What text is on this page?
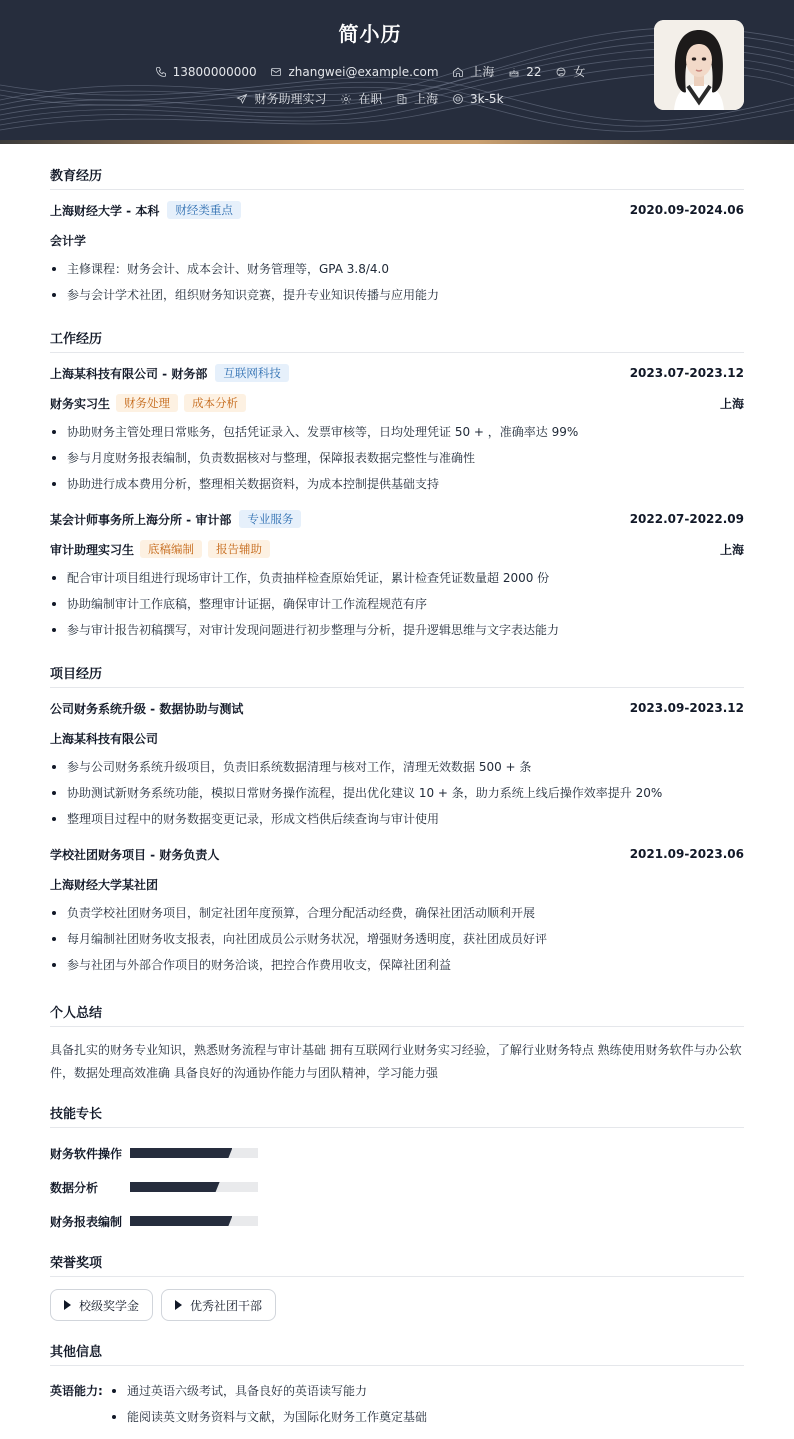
简小历
13800000000
	zhangwei@example.com
	上海
	22
	女
财务助理实习
	在职
	上海
	3k-5k
教育经历
上海财经大学 - 本科	财经类重点	2020.09-2024.06
会计学
主修课程：财务会计、成本会计、财务管理等，GPA 3.8/4.0
参与会计学术社团，组织财务知识竞赛，提升专业知识传播与应用能力
工作经历
上海某科技有限公司 - 财务部	互联网科技	2023.07-2023.12
财务实习生	财务处理	成本分析	上海
协助财务主管处理日常账务，包括凭证录入、发票审核等，日均处理凭证 50 + ，准确率达 99%
参与月度财务报表编制，负责数据核对与整理，保障报表数据完整性与准确性
协助进行成本费用分析，整理相关数据资料，为成本控制提供基础支持
某会计师事务所上海分所 - 审计部	专业服务	2022.07-2022.09
审计助理实习生	底稿编制	报告辅助	上海
配合审计项目组进行现场审计工作，负责抽样检查原始凭证，累计检查凭证数量超 2000 份
协助编制审计工作底稿，整理审计证据，确保审计工作流程规范有序
参与审计报告初稿撰写，对审计发现问题进行初步整理与分析，提升逻辑思维与文字表达能力
项目经历
公司财务系统升级 - 数据协助与测试	2023.09-2023.12
上海某科技有限公司
参与公司财务系统升级项目，负责旧系统数据清理与核对工作，清理无效数据 500 + 条
协助测试新财务系统功能，模拟日常财务操作流程，提出优化建议 10 + 条，助力系统上线后操作效率提升 20%
整理项目过程中的财务数据变更记录，形成文档供后续查询与审计使用
学校社团财务项目 - 财务负责人	2021.09-2023.06
上海财经大学某社团
负责学校社团财务项目，制定社团年度预算，合理分配活动经费，确保社团活动顺利开展
每月编制社团财务收支报表，向社团成员公示财务状况，增强财务透明度，获社团成员好评
参与社团与外部合作项目的财务洽谈，把控合作费用收支，保障社团利益
个人总结
具备扎实的财务专业知识，熟悉财务流程与审计基础 拥有互联网行业财务实习经验，了解行业财务特点 熟练使用财务软件与办公软件，数据处理高效准确 具备良好的沟通协作能力与团队精神，学习能力强
技能专长
财务软件操作
数据分析
财务报表编制
荣誉奖项
校级奖学金	优秀社团干部
其他信息
英语能力:	通过英语六级考试，具备良好的英语读写能力
能阅读英文财务资料与文献，为国际化财务工作奠定基础
